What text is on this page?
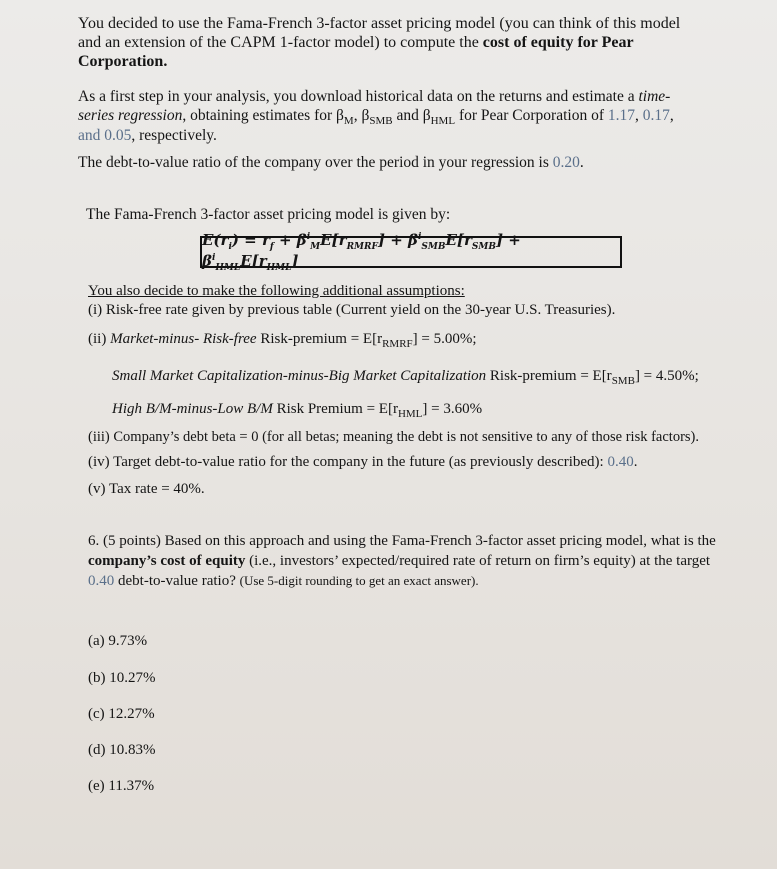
You decided to use the Fama-French 3-factor asset pricing model (you can think of this model
and an extension of the CAPM 1-factor model) to compute the cost of equity for Pear
Corporation.
As a first step in your analysis, you download historical data on the returns and estimate a time-
series regression, obtaining estimates for $\beta_M$, $\beta_{SMB}$ and $\beta_{HML}$ for Pear Corporation of 1.17, 0.17,
and 0.05, respectively.
The debt-to-value ratio of the company over the period in your regression is 0.20.
The Fama-French 3-factor asset pricing model is given by:
$E(r_i) = r_f + \beta^i_ME[r_{RMRF}] + \beta^i_{SMB}E[r_{SMB}] + \beta^i_{HML}E[r_{HML}]$
You also decide to make the following additional assumptions:
(i) Risk-free rate given by previous table (Current yield on the 30-year U.S. Treasuries).
(ii) Market-minus- Risk-free Risk-premium = $E[r_{RMRF}] = 5.00\%$;
Small Market Capitalization-minus-Big Market Capitalization Risk-premium = $E[r_{SMB}] = 4.50\%$;
High B/M-minus-Low B/M Risk Premium = $E[r_{HML}] = 3.60\%$
(iii) Company’s debt beta = 0 (for all betas; meaning the debt is not sensitive to any of those risk factors).
(iv) Target debt-to-value ratio for the company in the future (as previously described): 0.40.
(v) Tax rate = 40%.
6. (5 points) Based on this approach and using the Fama-French 3-factor asset pricing model, what is the
company’s cost of equity (i.e., investors’ expected/required rate of return on firm’s equity) at the target
0.40 debt-to-value ratio? (Use 5-digit rounding to get an exact answer).
(a) 9.73%
(b) 10.27%
(c) 12.27%
(d) 10.83%
(e) 11.37%
